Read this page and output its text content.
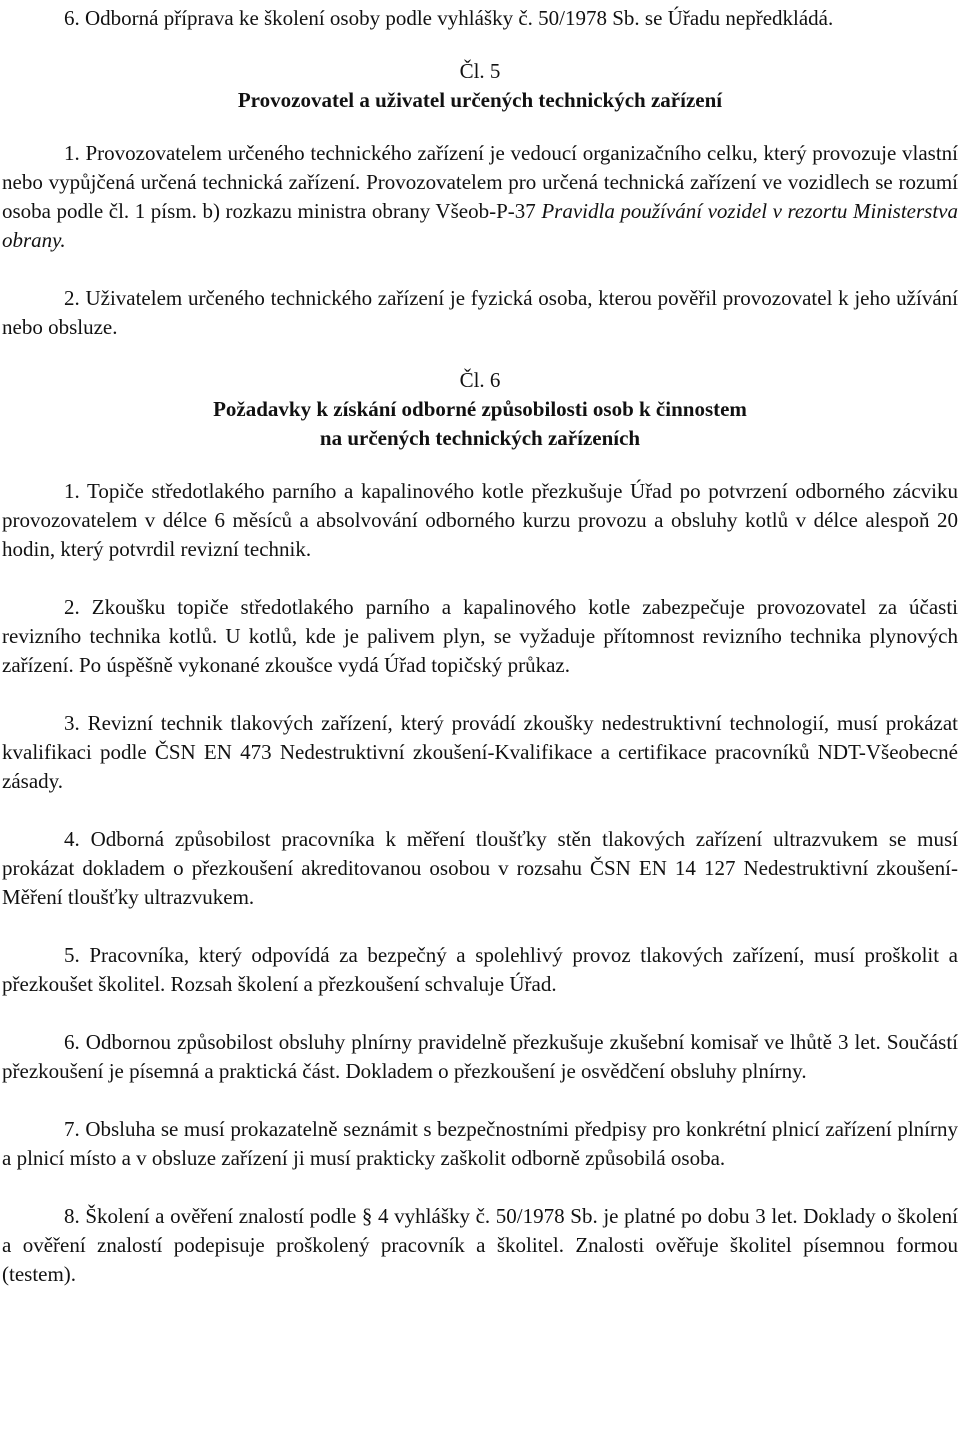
6. Odborná příprava ke školení osoby podle vyhlášky č. 50/1978 Sb. se Úřadu nepředkládá.

Čl. 5

Provozovatel a uživatel určených technických zařízení

1. Provozovatelem určeného technického zařízení je vedoucí organizačního celku, který provozuje vlastní nebo vypůjčená určená technická zařízení. Provozovatelem pro určená technická zařízení ve vozidlech se rozumí osoba podle čl. 1 písm. b) rozkazu ministra obrany Všeob-P-37 Pravidla používání vozidel v rezortu Ministerstva obrany.

2. Uživatelem určeného technického zařízení je fyzická osoba, kterou pověřil provozovatel k jeho užívání nebo obsluze.

Čl. 6

Požadavky k získání odborné způsobilosti osob k činnostem

na určených technických zařízeních

1. Topiče středotlakého parního a kapalinového kotle přezkušuje Úřad po potvrzení odborného zácviku provozovatelem v délce 6 měsíců a absolvování odborného kurzu provozu a obsluhy kotlů v délce alespoň 20 hodin, který potvrdil revizní technik.

2. Zkoušku topiče středotlakého parního a kapalinového kotle zabezpečuje provozovatel za účasti revizního technika kotlů. U kotlů, kde je palivem plyn, se vyžaduje přítomnost revizního technika plynových zařízení. Po úspěšně vykonané zkoušce vydá Úřad topičský průkaz.

3. Revizní technik tlakových zařízení, který provádí zkoušky nedestruktivní technologií, musí prokázat kvalifikaci podle ČSN EN 473 Nedestruktivní zkoušení-Kvalifikace a certifikace pracovníků NDT-Všeobecné zásady.

4. Odborná způsobilost pracovníka k měření tloušťky stěn tlakových zařízení ultrazvukem se musí prokázat dokladem o přezkoušení akreditovanou osobou v rozsahu ČSN EN 14 127 Nedestruktivní zkoušení-Měření tloušťky ultrazvukem.

5. Pracovníka, který odpovídá za bezpečný a spolehlivý provoz tlakových zařízení, musí proškolit a přezkoušet školitel. Rozsah školení a přezkoušení schvaluje Úřad.

6. Odbornou způsobilost obsluhy plnírny pravidelně přezkušuje zkušební komisař ve lhůtě 3 let. Součástí přezkoušení je písemná a praktická část. Dokladem o přezkoušení je osvědčení obsluhy plnírny.

7. Obsluha se musí prokazatelně seznámit s bezpečnostními předpisy pro konkrétní plnicí zařízení plnírny a plnicí místo a v obsluze zařízení ji musí prakticky zaškolit odborně způsobilá osoba.

8. Školení a ověření znalostí podle § 4 vyhlášky č. 50/1978 Sb. je platné po dobu 3 let. Doklady o školení a ověření znalostí podepisuje proškolený pracovník a školitel. Znalosti ověřuje školitel písemnou formou (testem).
